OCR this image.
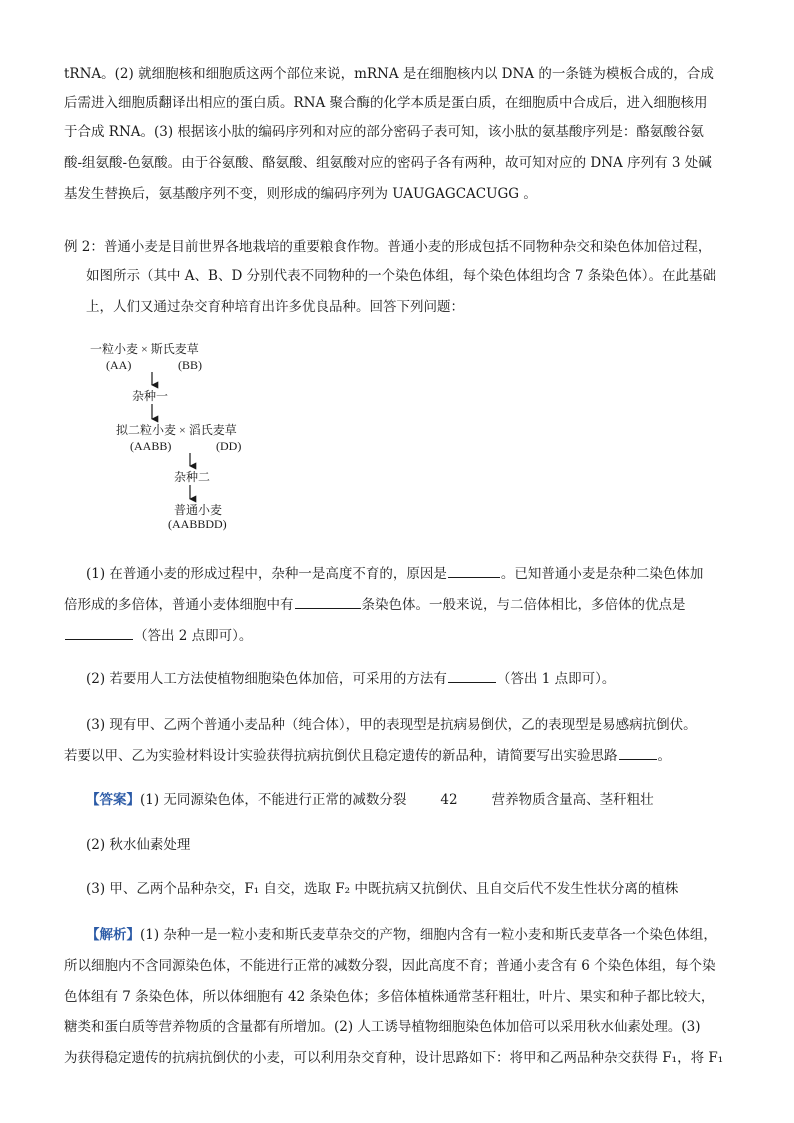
tRNA。(2) 就细胞核和细胞质这两个部位来说，mRNA 是在细胞核内以 DNA 的一条链为模板合成的，合成
后需进入细胞质翻译出相应的蛋白质。RNA 聚合酶的化学本质是蛋白质，在细胞质中合成后，进入细胞核用
于合成 RNA。(3) 根据该小肽的编码序列和对应的部分密码子表可知，该小肽的氨基酸序列是：酪氨酸谷氨
酸-组氨酸-色氨酸。由于谷氨酸、酪氨酸、组氨酸对应的密码子各有两种，故可知对应的 DNA 序列有 3 处碱
基发生替换后，氨基酸序列不变，则形成的编码序列为 UAUGAGCACUGG 。
例 2：普通小麦是目前世界各地栽培的重要粮食作物。普通小麦的形成包括不同物种杂交和染色体加倍过程，
如图所示（其中 A、B、D 分别代表不同物种的一个染色体组，每个染色体组均含 7 条染色体）。在此基础
上，人们又通过杂交育种培育出许多优良品种。回答下列问题：
一粒小麦 × 斯氏麦草
(AA)	(BB)
杂种一
拟二粒小麦 × 滔氏麦草
(AABB)	(DD)
杂种二
普通小麦
(AABBDD)
(1) 在普通小麦的形成过程中，杂种一是高度不育的，原因是	。已知普通小麦是杂种二染色体加
倍形成的多倍体，普通小麦体细胞中有	条染色体。一般来说，与二倍体相比，多倍体的优点是
（答出 2 点即可）。
(2) 若要用人工方法使植物细胞染色体加倍，可采用的方法有	（答出 1 点即可）。
(3) 现有甲、乙两个普通小麦品种（纯合体），甲的表现型是抗病易倒伏，乙的表现型是易感病抗倒伏。
若要以甲、乙为实验材料设计实验获得抗病抗倒伏且稳定遗传的新品种，请简要写出实验思路	。
【答案】(1) 无同源染色体，不能进行正常的减数分裂	42	营养物质含量高、茎秆粗壮
(2) 秋水仙素处理
(3) 甲、乙两个品种杂交，F₁ 自交，选取 F₂ 中既抗病又抗倒伏、且自交后代不发生性状分离的植株
【解析】(1) 杂种一是一粒小麦和斯氏麦草杂交的产物，细胞内含有一粒小麦和斯氏麦草各一个染色体组，
所以细胞内不含同源染色体，不能进行正常的减数分裂，因此高度不育；普通小麦含有 6 个染色体组，每个染
色体组有 7 条染色体，所以体细胞有 42 条染色体；多倍体植株通常茎秆粗壮，叶片、果实和种子都比较大，
糖类和蛋白质等营养物质的含量都有所增加。(2) 人工诱导植物细胞染色体加倍可以采用秋水仙素处理。(3)
为获得稳定遗传的抗病抗倒伏的小麦，可以利用杂交育种，设计思路如下：将甲和乙两品种杂交获得 F₁，将 F₁
